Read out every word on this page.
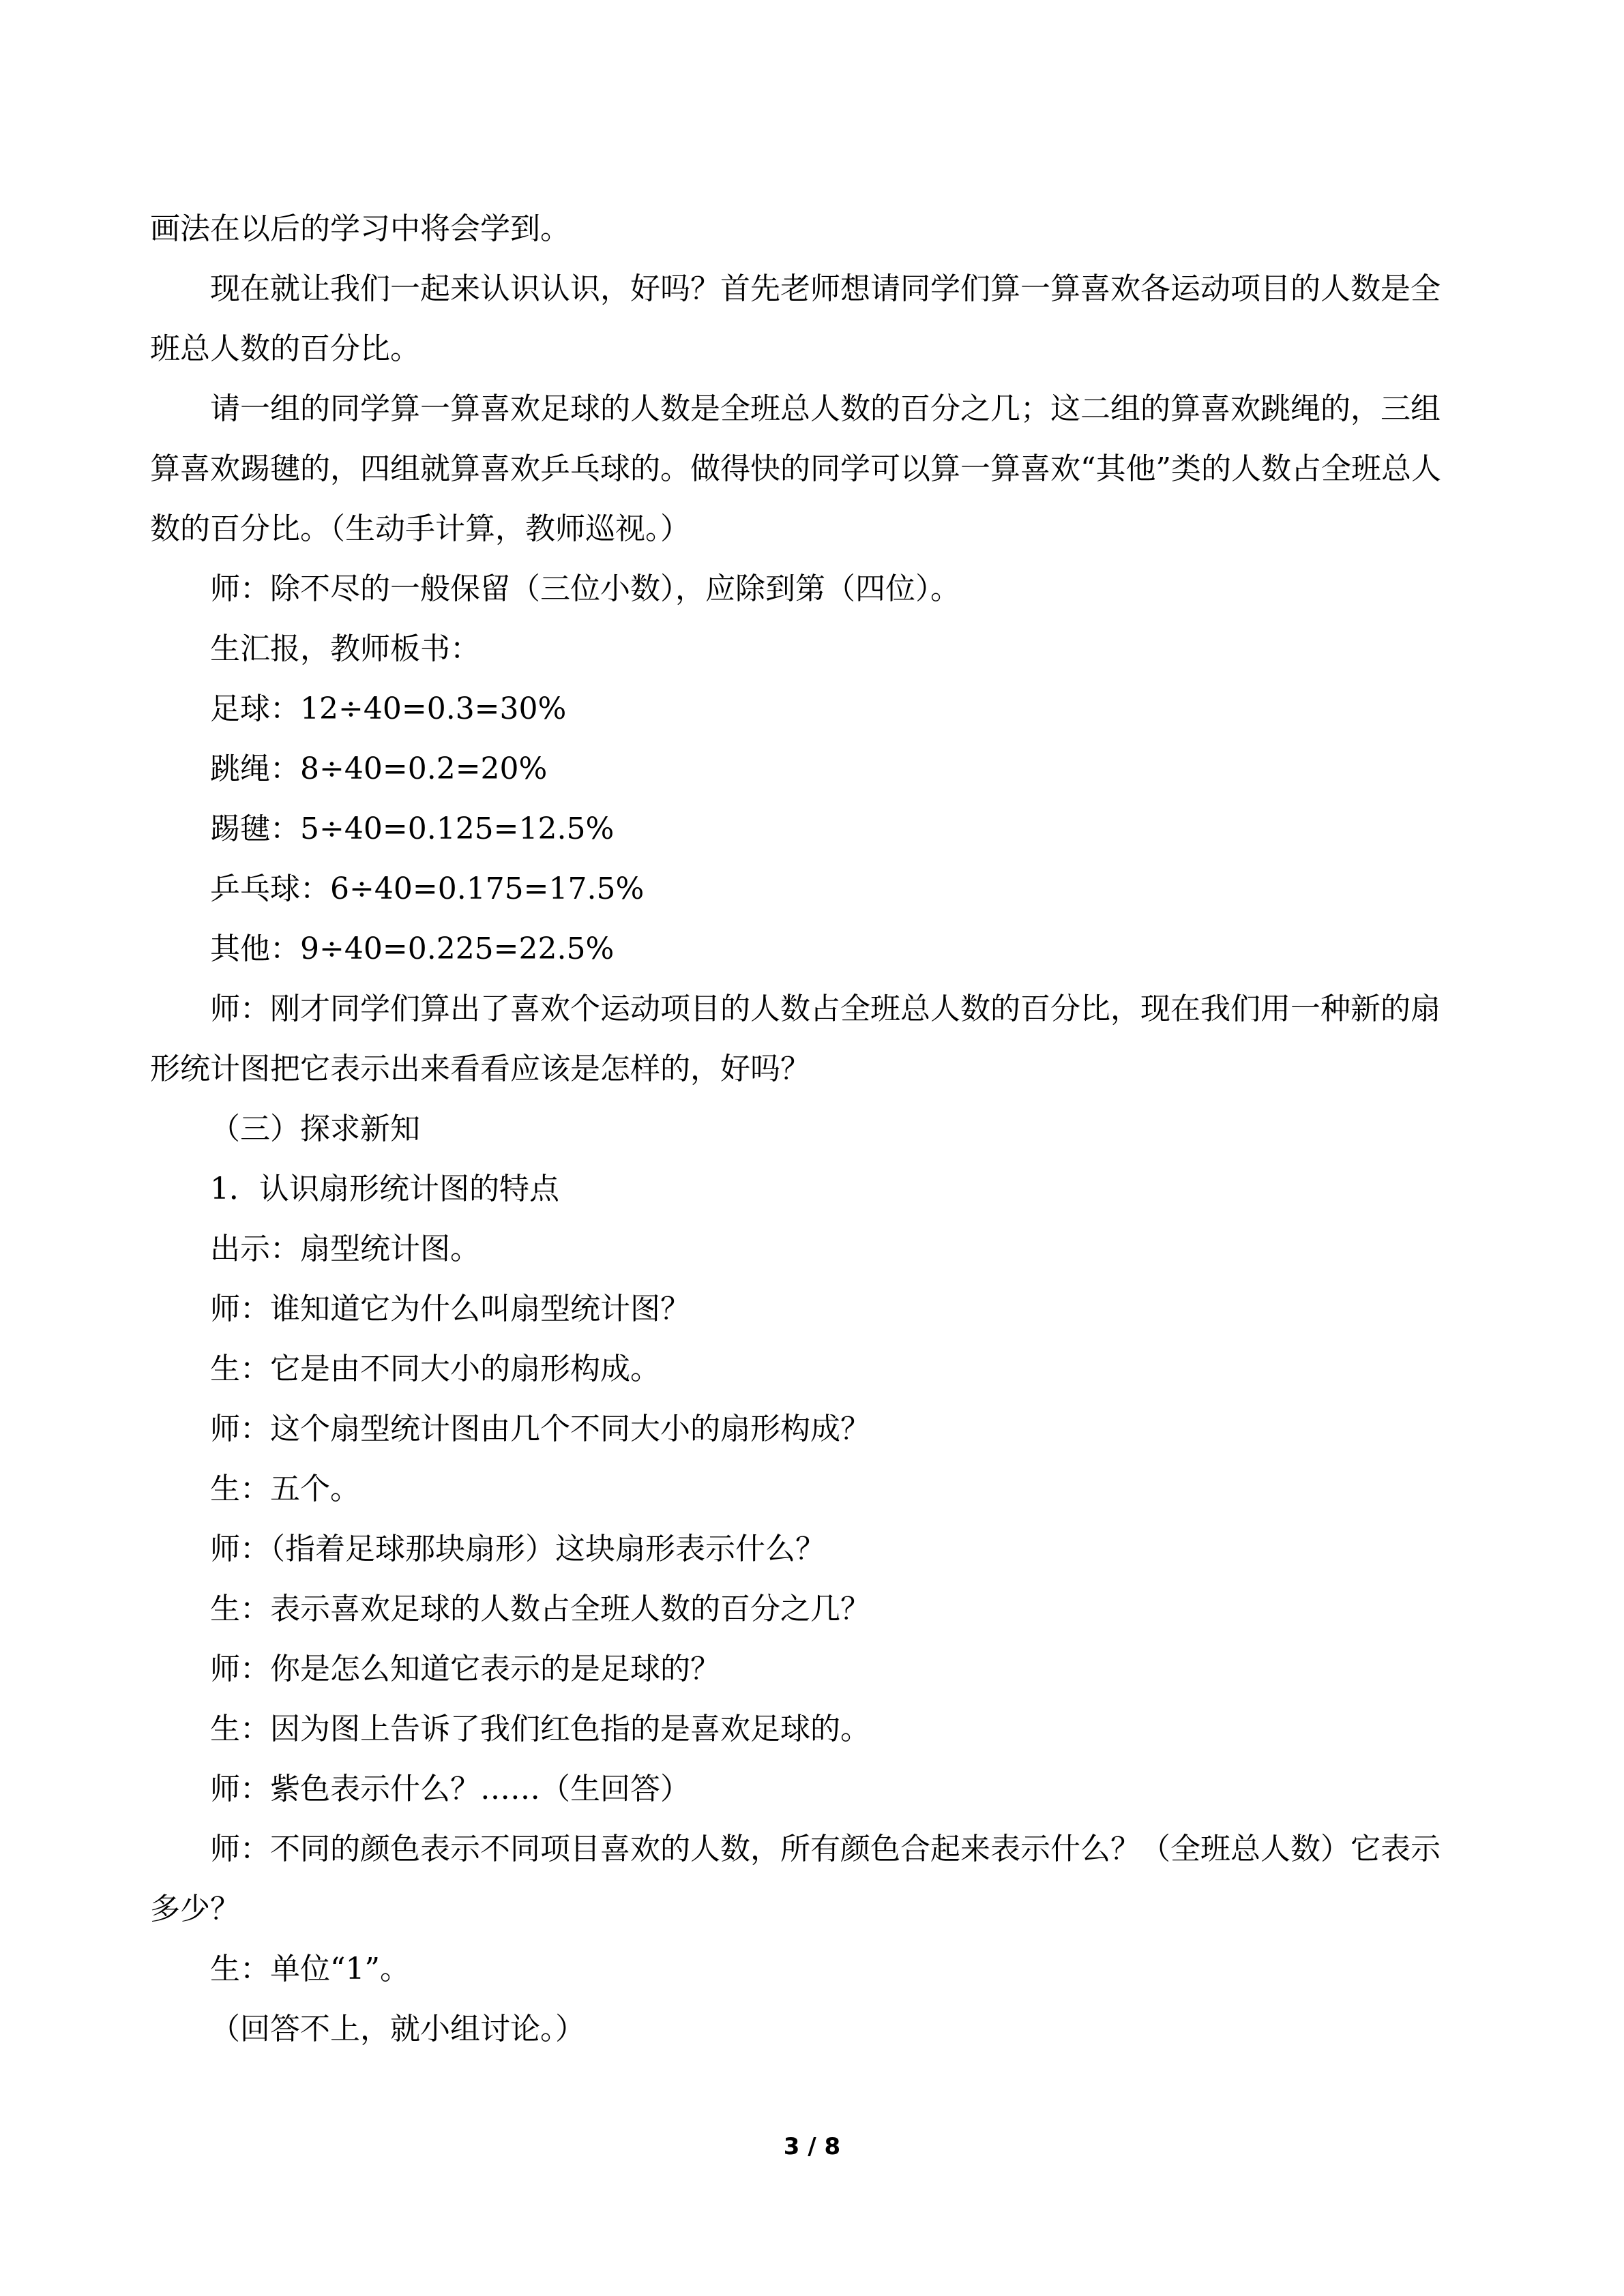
画法在以后的学习中将会学到。

现在就让我们一起来认识认识，好吗？首先老师想请同学们算一算喜欢各运动项目的人数是全班总人数的百分比。

请一组的同学算一算喜欢足球的人数是全班总人数的百分之几；这二组的算喜欢跳绳的，三组算喜欢踢毽的，四组就算喜欢乒乓球的。做得快的同学可以算一算喜欢“其他”类的人数占全班总人数的百分比。（生动手计算，教师巡视。）

师：除不尽的一般保留（三位小数），应除到第（四位）。

生汇报，教师板书：

足球：12÷40=0.3=30%

跳绳：8÷40=0.2=20%

踢毽：5÷40=0.125=12.5%

乒乓球：6÷40=0.175=17.5%

其他：9÷40=0.225=22.5%

师：刚才同学们算出了喜欢个运动项目的人数占全班总人数的百分比，现在我们用一种新的扇形统计图把它表示出来看看应该是怎样的，好吗？

（三）探求新知

1．认识扇形统计图的特点

出示：扇型统计图。

师：谁知道它为什么叫扇型统计图？

生：它是由不同大小的扇形构成。

师：这个扇型统计图由几个不同大小的扇形构成？

生：五个。

师：（指着足球那块扇形）这块扇形表示什么？

生：表示喜欢足球的人数占全班人数的百分之几？

师：你是怎么知道它表示的是足球的？

生：因为图上告诉了我们红色指的是喜欢足球的。

师：紫色表示什么？……（生回答）

师：不同的颜色表示不同项目喜欢的人数，所有颜色合起来表示什么？（全班总人数）它表示多少？

生：单位“1”。

（回答不上，就小组讨论。）

3 / 8
